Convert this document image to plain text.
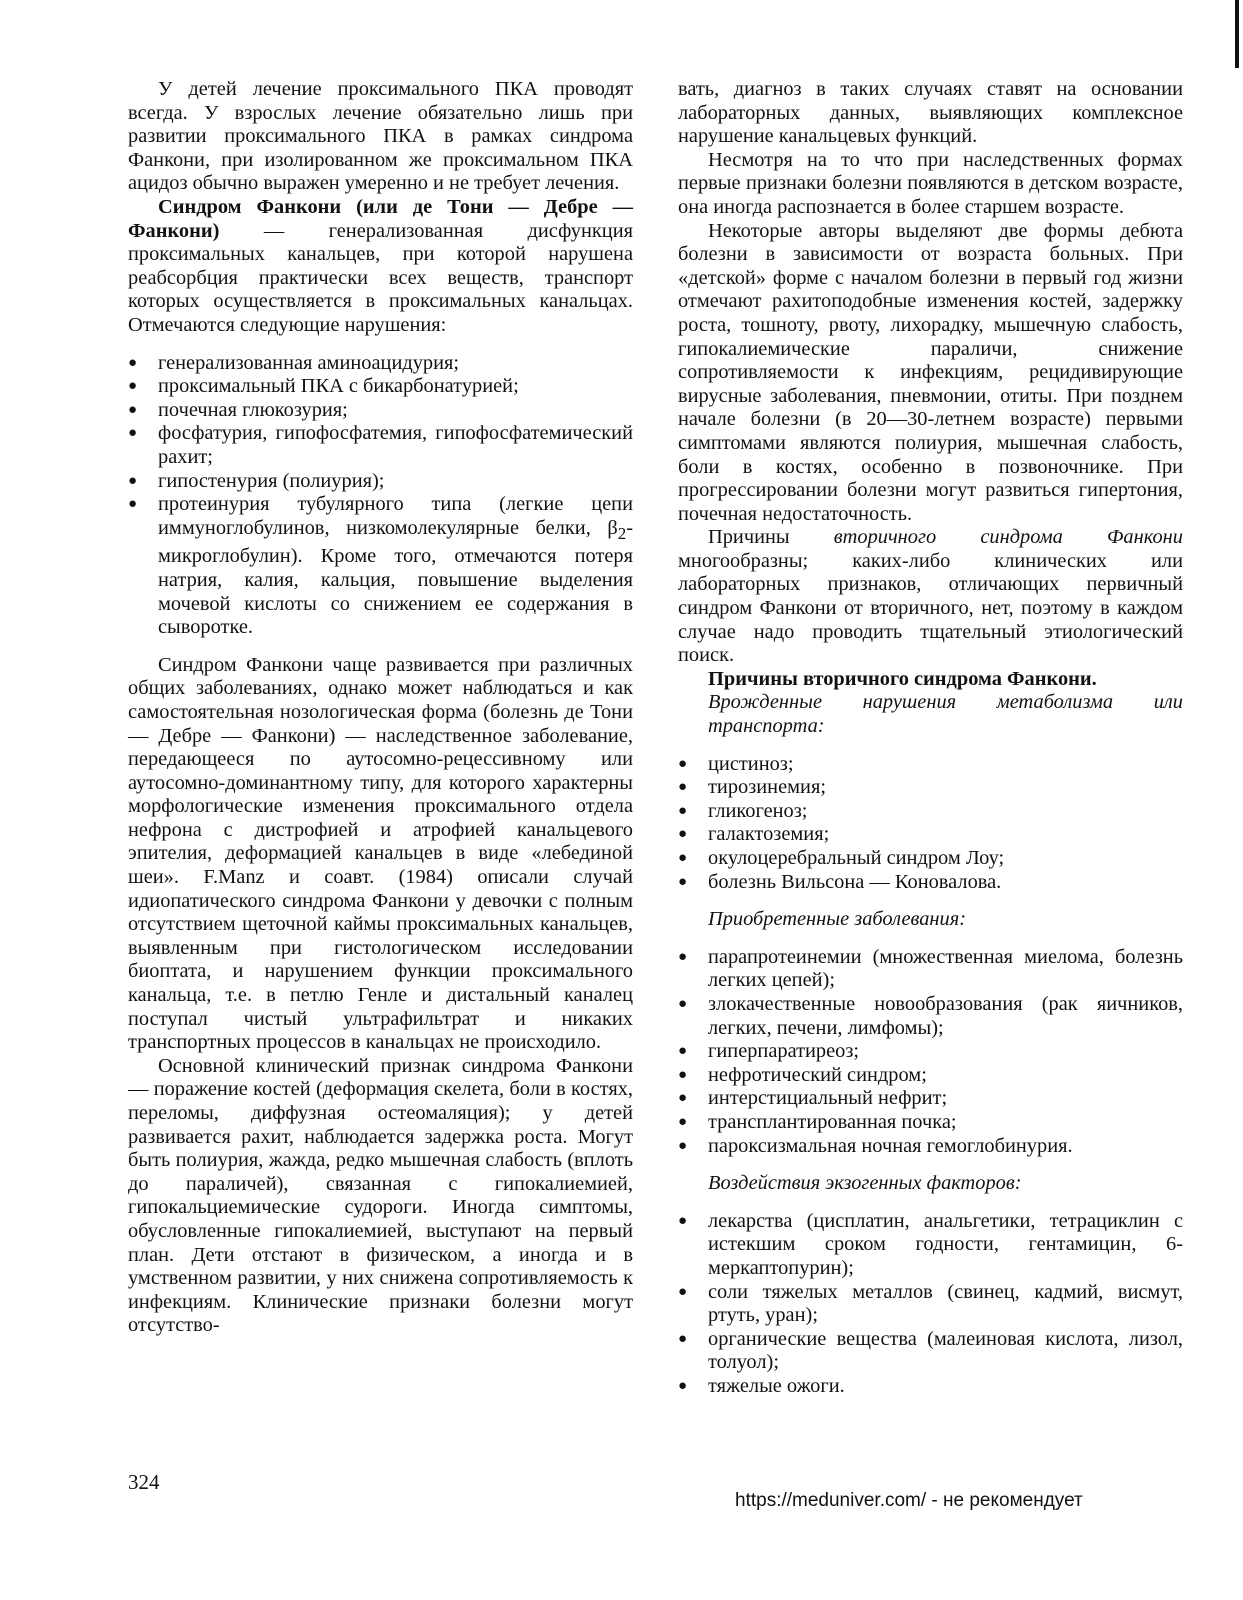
У детей лечение проксимального ПКА проводят всегда. У взрослых лечение обязательно лишь при развитии проксимального ПКА в рамках синдрома Фанкони, при изолированном же проксимальном ПКА ацидоз обычно выражен умеренно и не требует лечения.

Синдром Фанкони (или де Тони — Дебре — Фанкони) — генерализованная дисфункция проксимальных канальцев, при которой нарушена реабсорбция практически всех веществ, транспорт которых осуществляется в проксимальных канальцах. Отмечаются следующие нарушения:

● генерализованная аминоацидурия;
● проксимальный ПКА с бикарбонатурией;
● почечная глюкозурия;
● фосфатурия, гипофосфатемия, гипофосфатемический рахит;
● гипостенурия (полиурия);
● протеинурия тубулярного типа (легкие цепи иммуноглобулинов, низкомолекулярные белки, $\beta_2-микроглобулин$). Кроме того, отмечаются потеря натрия, калия, кальция, повышение выделения мочевой кислоты со снижением ее содержания в сыворотке.

Синдром Фанкони чаще развивается при различных общих заболеваниях, однако может наблюдаться и как самостоятельная нозологическая форма (болезнь де Тони — Дебре — Фанкони) — наследственное заболевание, передающееся по аутосомно-рецессивному или аутосомно-доминантному типу, для которого характерны морфологические изменения проксимального отдела нефрона с дистрофией и атрофией канальцевого эпителия, деформацией канальцев в виде «лебединой шеи». F.Manz и соавт. (1984) описали случай идиопатического синдрома Фанкони у девочки с полным отсутствием щеточной каймы проксимальных канальцев, выявленным при гистологическом исследовании биоптата, и нарушением функции проксимального канальца, т.е. в петлю Генле и дистальный каналец поступал чистый ультрафильтрат и никаких транспортных процессов в канальцах не происходило.

Основной клинический признак синдрома Фанкони — поражение костей (деформация скелета, боли в костях, переломы, диффузная остеомаляция); у детей развивается рахит, наблюдается задержка роста. Могут быть полиурия, жажда, редко мышечная слабость (вплоть до параличей), связанная с гипокалиемией, гипокальциемические судороги. Иногда симптомы, обусловленные гипокалиемией, выступают на первый план. Дети отстают в физическом, а иногда и в умственном развитии, у них снижена сопротивляемость к инфекциям. Клинические признаки болезни могут отсутство-

вать, диагноз в таких случаях ставят на основании лабораторных данных, выявляющих комплексное нарушение канальцевых функций.

Несмотря на то что при наследственных формах первые признаки болезни появляются в детском возрасте, она иногда распознается в более старшем возрасте.

Некоторые авторы выделяют две формы дебюта болезни в зависимости от возраста больных. При «детской» форме с началом болезни в первый год жизни отмечают рахитоподобные изменения костей, задержку роста, тошноту, рвоту, лихорадку, мышечную слабость, гипокалиемические параличи, снижение сопротивляемости к инфекциям, рецидивирующие вирусные заболевания, пневмонии, отиты. При позднем начале болезни (в 20—30-летнем возрасте) первыми симптомами являются полиурия, мышечная слабость, боли в костях, особенно в позвоночнике. При прогрессировании болезни могут развиться гипертония, почечная недостаточность.

Причины вторичного синдрома Фанкони многообразны; каких-либо клинических или лабораторных признаков, отличающих первичный синдром Фанкони от вторичного, нет, поэтому в каждом случае надо проводить тщательный этиологический поиск.

Причины вторичного синдрома Фанкони.

Врожденные нарушения метаболизма или транспорта:

● цистиноз;
● тирозинемия;
● гликогеноз;
● галактоземия;
● окулоцеребральный синдром Лоу;
● болезнь Вильсона — Коновалова.

Приобретенные заболевания:

● парапротеинемии (множественная миелома, болезнь легких цепей);
● злокачественные новообразования (рак яичников, легких, печени, лимфомы);
● гиперпаратиреоз;
● нефротический синдром;
● интерстициальный нефрит;
● трансплантированная почка;
● пароксизмальная ночная гемоглобинурия.

Воздействия экзогенных факторов:

● лекарства (цисплатин, анальгетики, тетрациклин с истекшим сроком годности, гентамицин, 6-меркаптопурин);
● соли тяжелых металлов (свинец, кадмий, висмут, ртуть, уран);
● органические вещества (малеиновая кислота, лизол, толуол);
● тяжелые ожоги.
324
https://meduniver.com/ - не рекомендует
